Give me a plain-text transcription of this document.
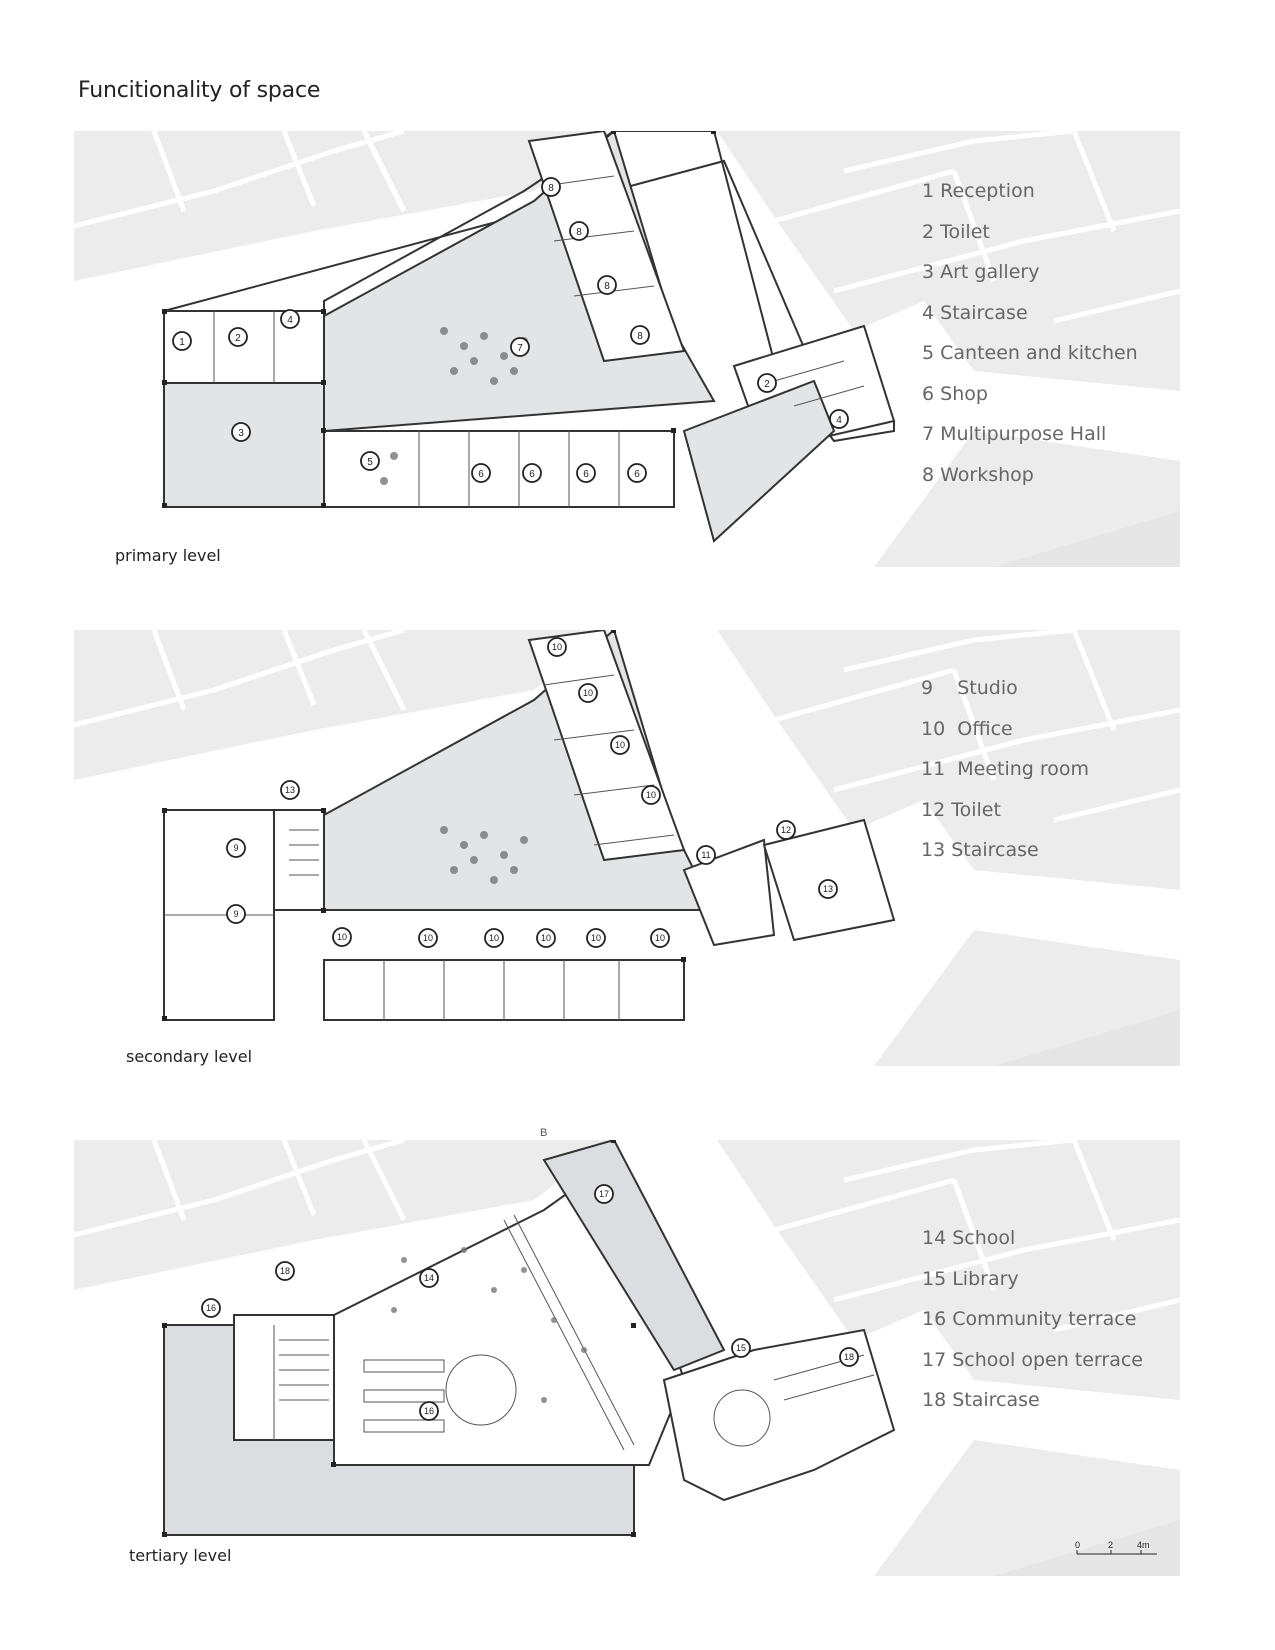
Funcitionality of space
1	2
4
3
5
6	6	6	6
7
8
8
8
8
2
4
1 Reception
2 Toilet
3 Art gallery
4 Staircase
5 Canteen and kitchen
6 Shop
7 Multipurpose Hall
8 Workshop
primary level
13
9
9
10	10	10	10	10	10
10
10
10
10
11
12
13
9    Studio
10  Office
11  Meeting room
12 Toilet
13 Staircase
secondary level
B
18
16
16
14
17
15
18
14 School
15 Library
16 Community terrace
17 School open terrace
18 Staircase
tertiary level
0	2	4m
